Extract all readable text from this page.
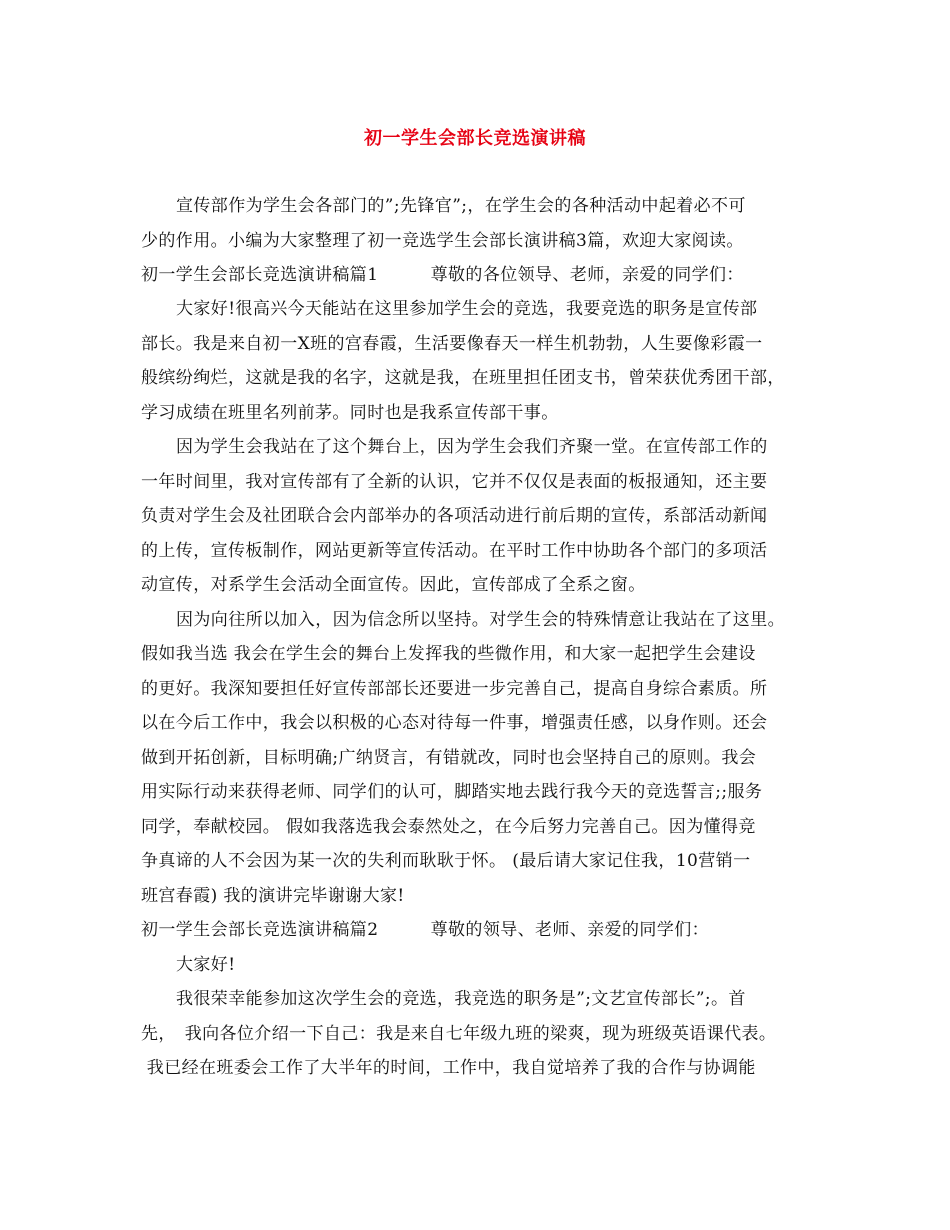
初一学生会部长竞选演讲稿
宣传部作为学生会各部门的”;先锋官”;，在学生会的各种活动中起着必不可
少的作用。小编为大家整理了初一竞选学生会部长演讲稿3篇，欢迎大家阅读。
初一学生会部长竞选演讲稿篇1　　　尊敬的各位领导、老师，亲爱的同学们：
大家好!很高兴今天能站在这里参加学生会的竞选，我要竞选的职务是宣传部
部长。我是来自初一X班的宫春霞，生活要像春天一样生机勃勃，人生要像彩霞一
般缤纷绚烂，这就是我的名字，这就是我，在班里担任团支书，曾荣获优秀团干部，
学习成绩在班里名列前茅。同时也是我系宣传部干事。
因为学生会我站在了这个舞台上，因为学生会我们齐聚一堂。在宣传部工作的
一年时间里，我对宣传部有了全新的认识，它并不仅仅是表面的板报通知，还主要
负责对学生会及社团联合会内部举办的各项活动进行前后期的宣传，系部活动新闻
的上传，宣传板制作，网站更新等宣传活动。在平时工作中协助各个部门的多项活
动宣传，对系学生会活动全面宣传。因此，宣传部成了全系之窗。
因为向往所以加入，因为信念所以坚持。对学生会的特殊情意让我站在了这里。
假如我当选 我会在学生会的舞台上发挥我的些微作用，和大家一起把学生会建设
的更好。我深知要担任好宣传部部长还要进一步完善自己，提高自身综合素质。所
以在今后工作中，我会以积极的心态对待每一件事，增强责任感，以身作则。还会
做到开拓创新，目标明确;广纳贤言，有错就改，同时也会坚持自己的原则。我会
用实际行动来获得老师、同学们的认可，脚踏实地去践行我今天的竞选誓言;;服务
同学，奉献校园。 假如我落选我会泰然处之，在今后努力完善自己。因为懂得竞
争真谛的人不会因为某一次的失利而耿耿于怀。 (最后请大家记住我，10营销一
班宫春霞) 我的演讲完毕谢谢大家!
初一学生会部长竞选演讲稿篇2　　　尊敬的领导、老师、亲爱的同学们：
大家好!
我很荣幸能参加这次学生会的竞选，我竞选的职务是”;文艺宣传部长”;。首
先，　我向各位介绍一下自己：我是来自七年级九班的梁爽，现为班级英语课代表。
我已经在班委会工作了大半年的时间，工作中，我自觉培养了我的合作与协调能
